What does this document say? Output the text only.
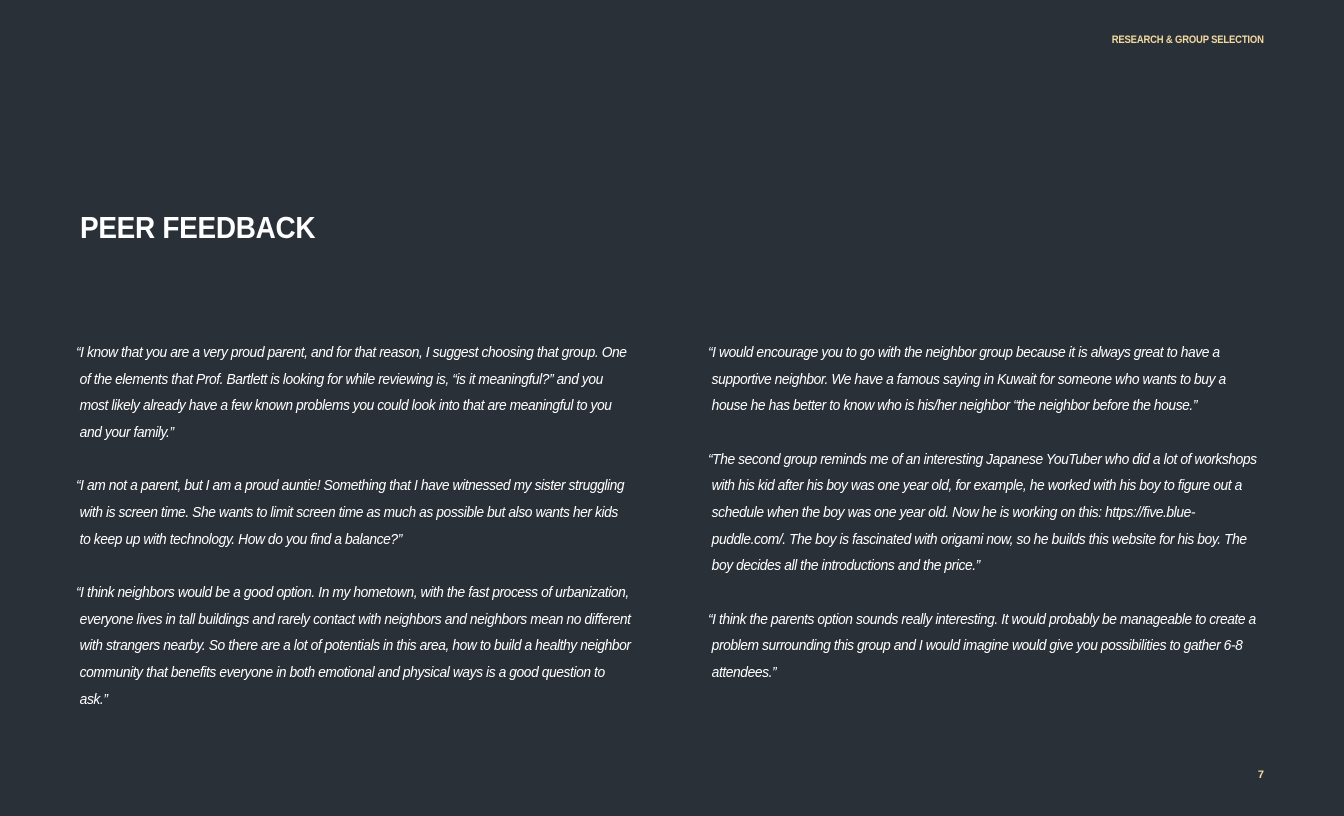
RESEARCH & GROUP SELECTION
PEER FEEDBACK

“I know that you are a very proud parent, and for that reason, I suggest choosing that group. One of the elements that Prof. Bartlett is looking for while reviewing is, “is it meaningful?” and you most likely already have a few known problems you could look into that are meaningful to you and your family.”

“I am not a parent, but I am a proud auntie! Something that I have witnessed my sister struggling with is screen time. She wants to limit screen time as much as possible but also wants her kids to keep up with technology. How do you find a balance?”

“I think neighbors would be a good option. In my hometown, with the fast process of urbanization, everyone lives in tall buildings and rarely contact with neighbors and neighbors mean no different with strangers nearby. So there are a lot of potentials in this area, how to build a healthy neighbor community that benefits everyone in both emotional and physical ways is a good question to ask.”

“I would encourage you to go with the neighbor group because it is always great to have a supportive neighbor. We have a famous saying in Kuwait for someone who wants to buy a house he has better to know who is his/her neighbor “the neighbor before the house.”

“The second group reminds me of an interesting Japanese YouTuber who did a lot of workshops with his kid after his boy was one year old, for example, he worked with his boy to figure out a schedule when the boy was one year old. Now he is working on this: https://five.blue-puddle.com/. The boy is fascinated with origami now, so he builds this website for his boy. The boy decides all the introductions and the price.”

“I think the parents option sounds really interesting. It would probably be manageable to create a problem surrounding this group and I would imagine would give you possibilities to gather 6-8 attendees.”

7
